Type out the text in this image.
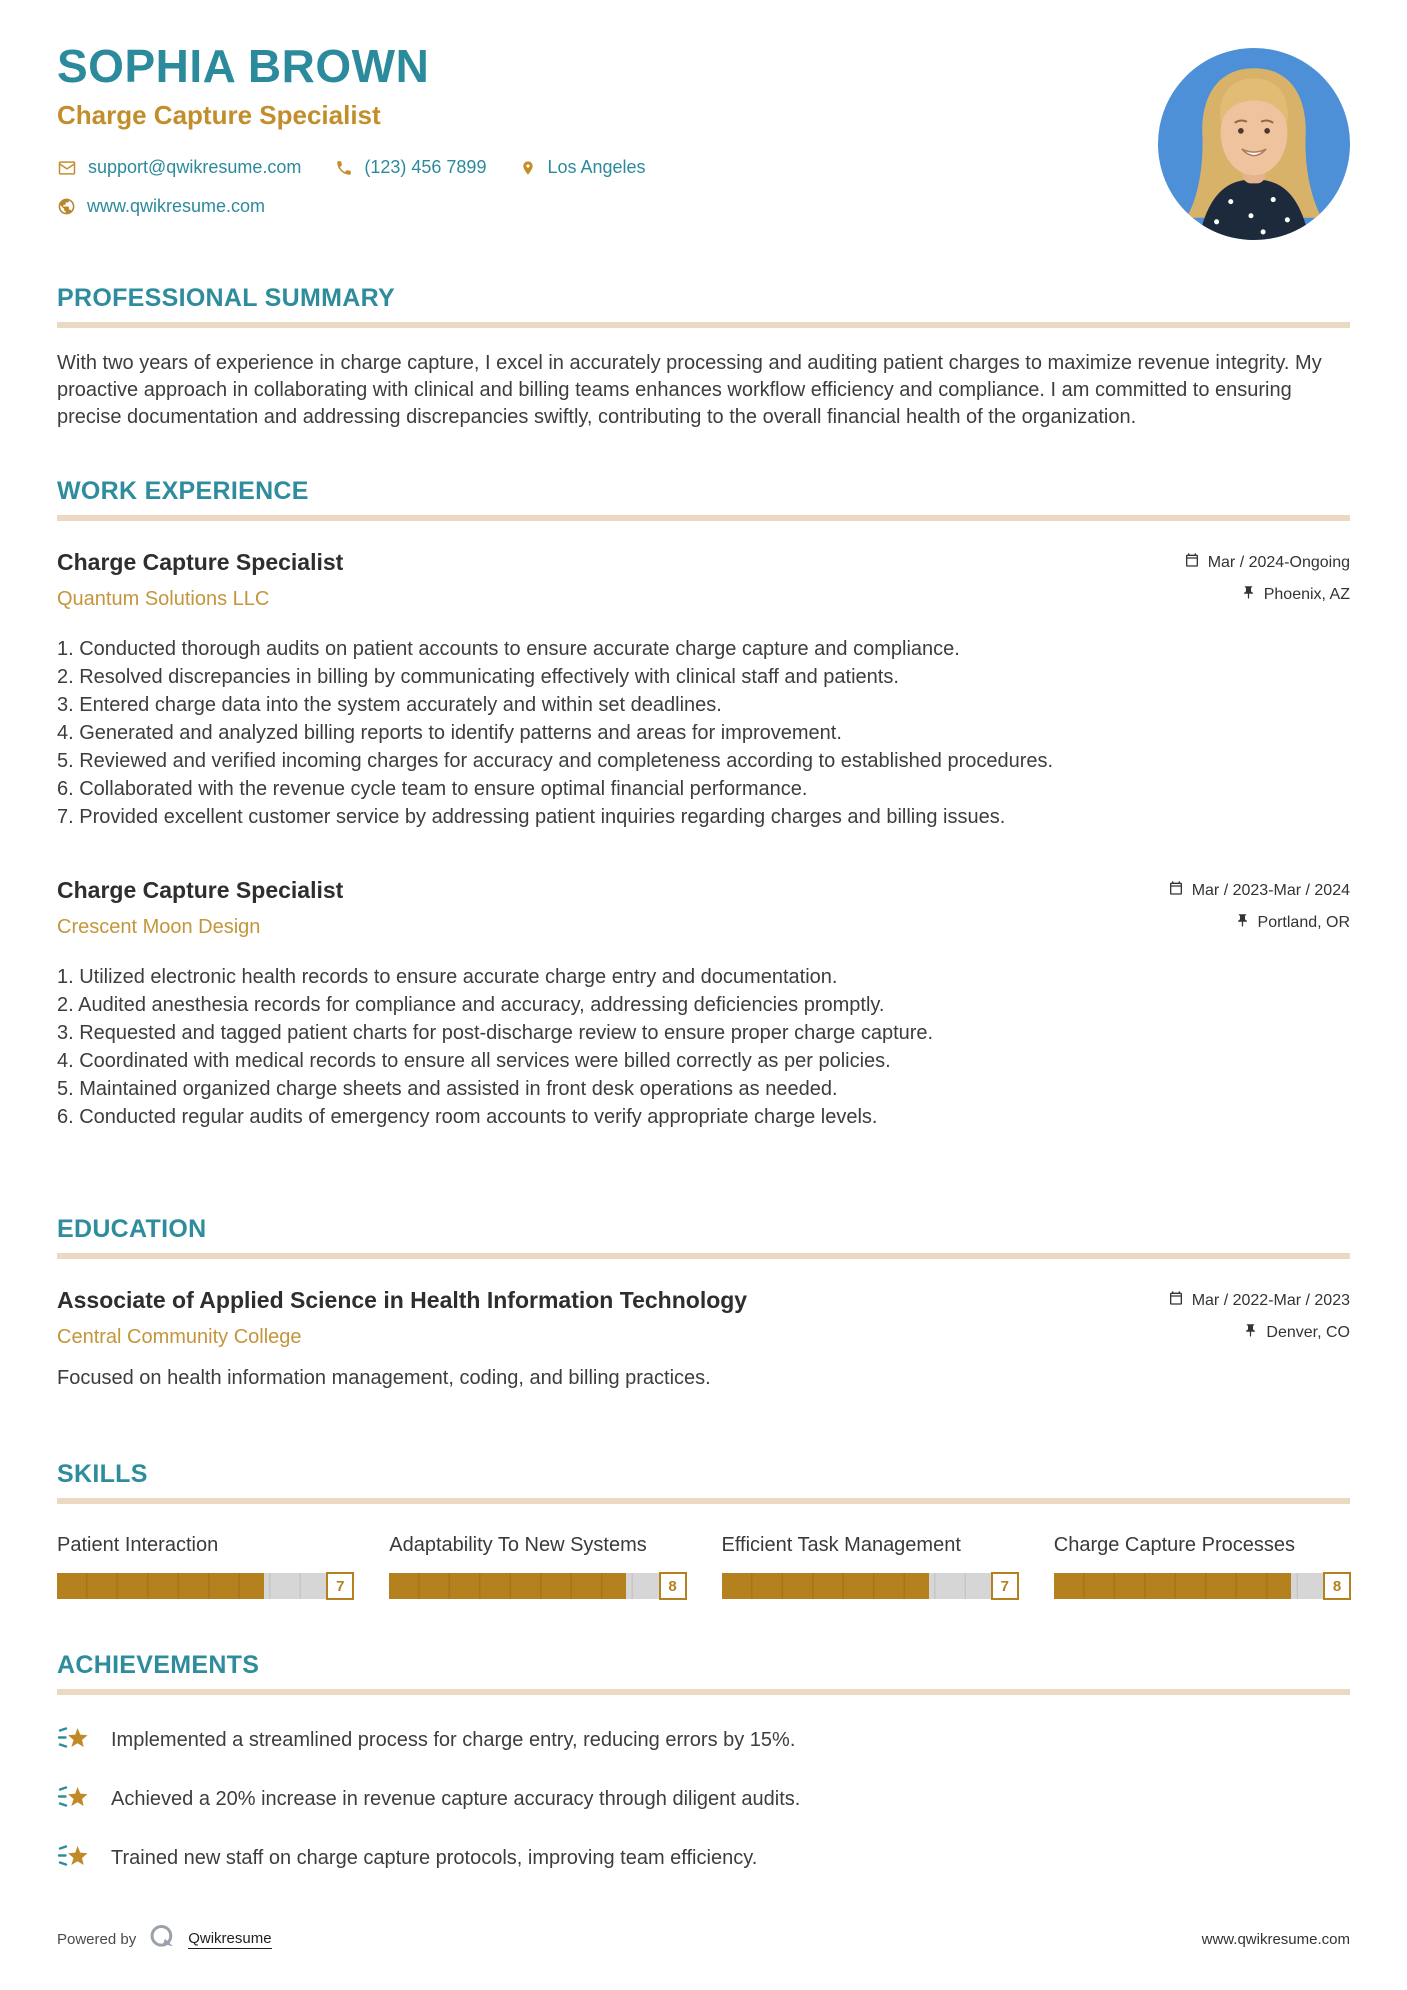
SOPHIA BROWN
Charge Capture Specialist
support@qwikresume.com	(123) 456 7899	Los Angeles
www.qwikresume.com
PROFESSIONAL SUMMARY

With two years of experience in charge capture, I excel in accurately processing and auditing patient charges to maximize revenue integrity. My proactive approach in collaborating with clinical and billing teams enhances workflow efficiency and compliance. I am committed to ensuring precise documentation and addressing discrepancies swiftly, contributing to the overall financial health of the organization.

WORK EXPERIENCE
Charge Capture Specialist
Quantum Solutions LLC
Mar / 2024-Ongoing
Phoenix, AZ
1. Conducted thorough audits on patient accounts to ensure accurate charge capture and compliance.
2. Resolved discrepancies in billing by communicating effectively with clinical staff and patients.
3. Entered charge data into the system accurately and within set deadlines.
4. Generated and analyzed billing reports to identify patterns and areas for improvement.
5. Reviewed and verified incoming charges for accuracy and completeness according to established procedures.
6. Collaborated with the revenue cycle team to ensure optimal financial performance.
7. Provided excellent customer service by addressing patient inquiries regarding charges and billing issues.
Charge Capture Specialist
Crescent Moon Design
Mar / 2023-Mar / 2024
Portland, OR
1. Utilized electronic health records to ensure accurate charge entry and documentation.
2. Audited anesthesia records for compliance and accuracy, addressing deficiencies promptly.
3. Requested and tagged patient charts for post-discharge review to ensure proper charge capture.
4. Coordinated with medical records to ensure all services were billed correctly as per policies.
5. Maintained organized charge sheets and assisted in front desk operations as needed.
6. Conducted regular audits of emergency room accounts to verify appropriate charge levels.
EDUCATION
Associate of Applied Science in Health Information Technology
Central Community College
Mar / 2022-Mar / 2023
Denver, CO

Focused on health information management, coding, and billing practices.

SKILLS
Patient Interaction
7
Adaptability To New Systems
8
Efficient Task Management
7
Charge Capture Processes
8
ACHIEVEMENTS
Implemented a streamlined process for charge entry, reducing errors by 15%.
Achieved a 20% increase in revenue capture accuracy through diligent audits.
Trained new staff on charge capture protocols, improving team efficiency.
Powered by	Qwikresume	www.qwikresume.com
